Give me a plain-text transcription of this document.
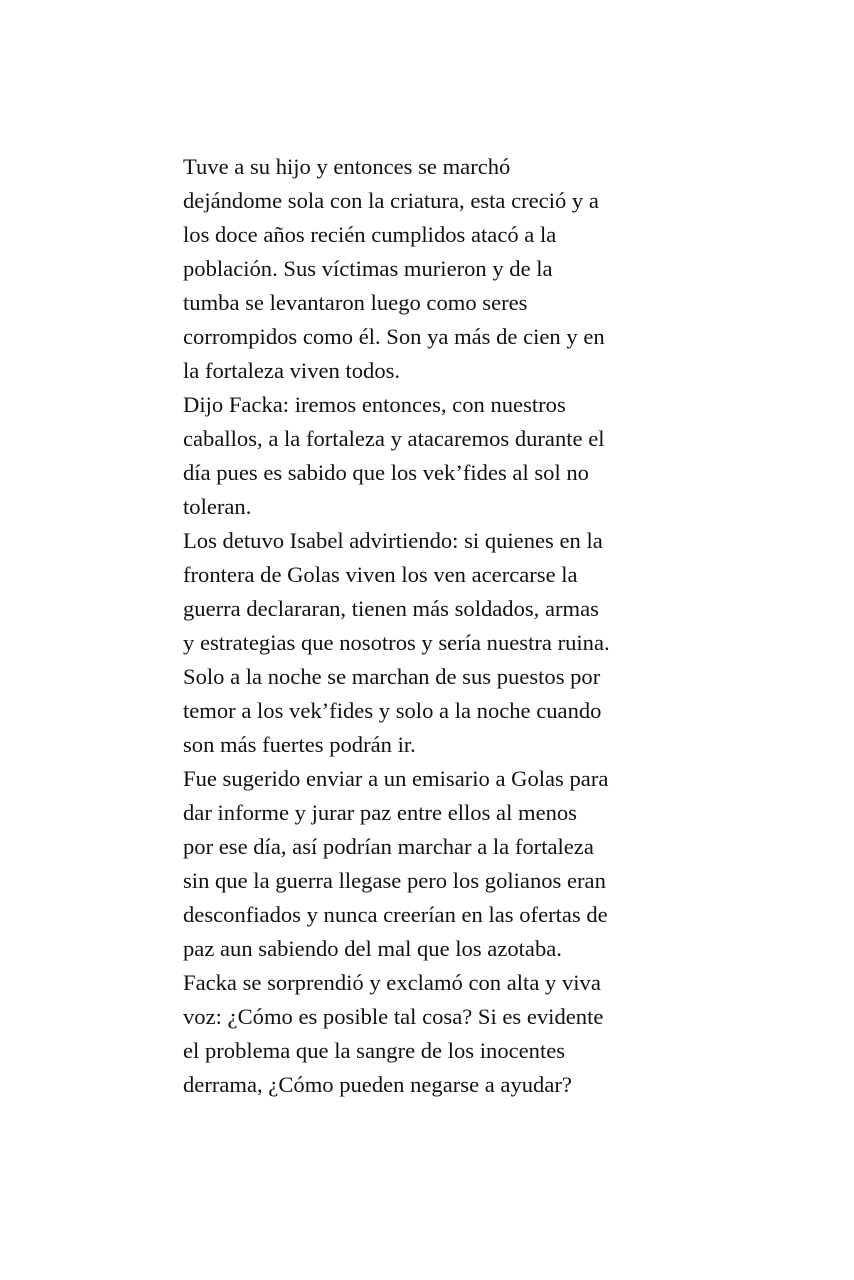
Tuve a su hijo y entonces se marchó
dejándome sola con la criatura, esta creció y a
los doce años recién cumplidos atacó a la
población. Sus víctimas murieron y de la
tumba se levantaron luego como seres
corrompidos como él. Son ya más de cien y en
la fortaleza viven todos.
Dijo Facka: iremos entonces, con nuestros
caballos, a la fortaleza y atacaremos durante el
día pues es sabido que los vek’fides al sol no
toleran.
Los detuvo Isabel advirtiendo: si quienes en la
frontera de Golas viven los ven acercarse la
guerra declararan, tienen más soldados, armas
y estrategias que nosotros y sería nuestra ruina.
Solo a la noche se marchan de sus puestos por
temor a los vek’fides y solo a la noche cuando
son más fuertes podrán ir.
Fue sugerido enviar a un emisario a Golas para
dar informe y jurar paz entre ellos al menos
por ese día, así podrían marchar a la fortaleza
sin que la guerra llegase pero los golianos eran
desconfiados y nunca creerían en las ofertas de
paz aun sabiendo del mal que los azotaba.
Facka se sorprendió y exclamó con alta y viva
voz: ¿Cómo es posible tal cosa? Si es evidente
el problema que la sangre de los inocentes
derrama, ¿Cómo pueden negarse a ayudar?
